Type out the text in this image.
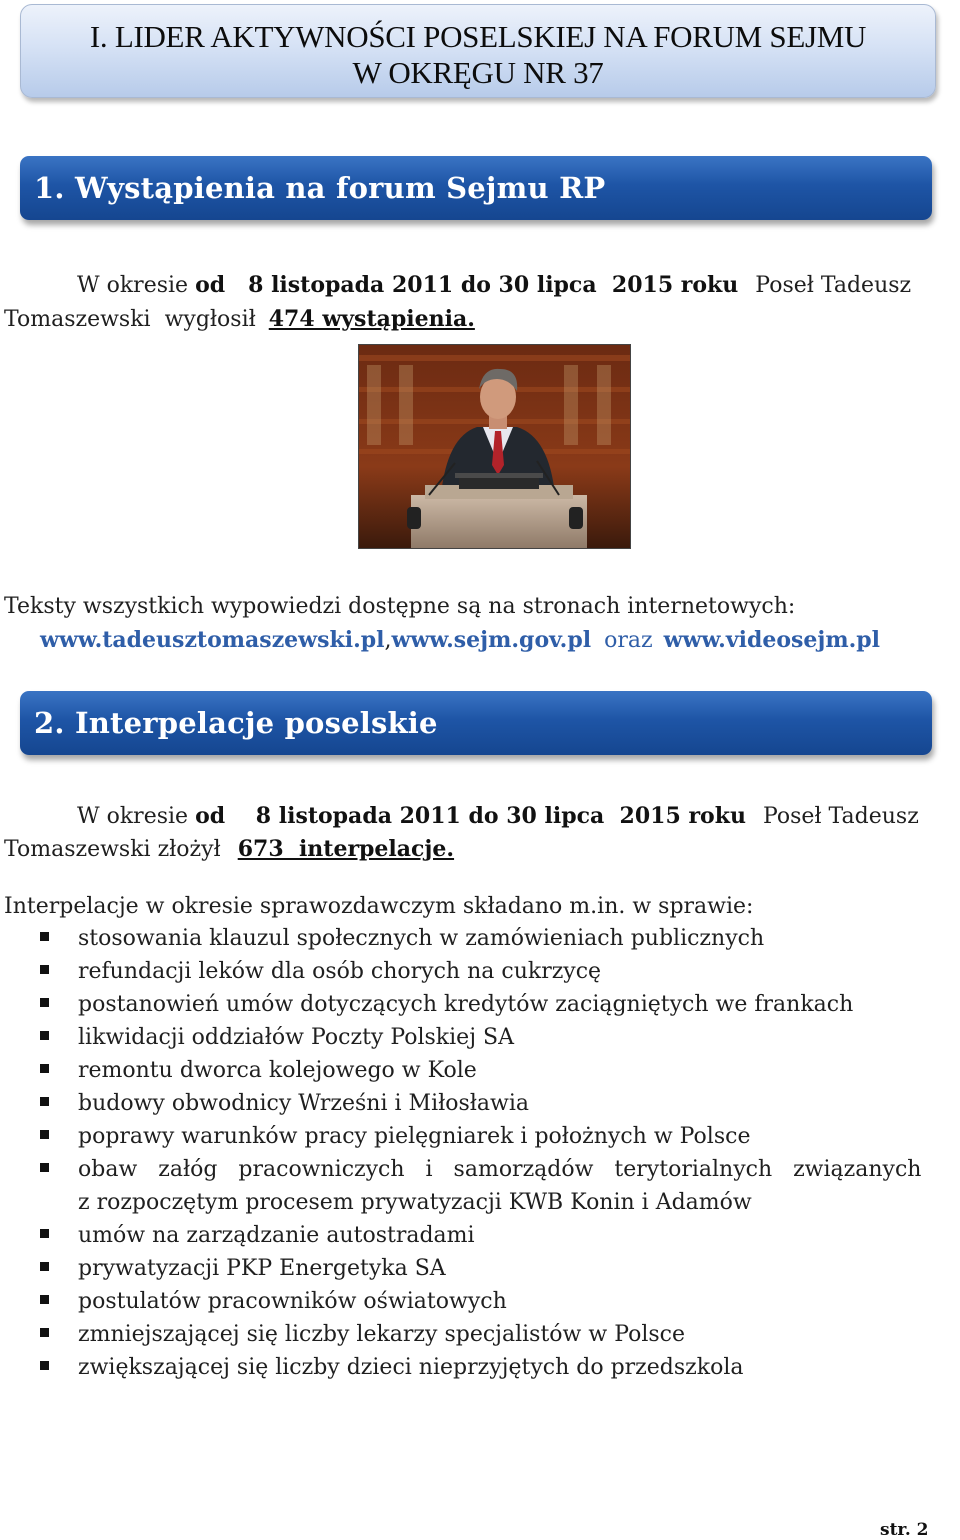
I. LIDER AKTYWNOŚCI POSELSKIEJ NA FORUM SEJMU
W OKRĘGU NR 37
1. Wystąpienia na forum Sejmu RP
W okresie od   8 listopada 2011 do 30 lipca  2015 roku Poseł Tadeusz
Tomaszewski  wygłosił 474 wystąpienia.
Teksty wszystkich wypowiedzi dostępne są na stronach internetowych:
www.tadeusztomaszewski.pl,www.sejm.gov.pl oraz www.videosejm.pl
2. Interpelacje poselskie
W okresie od    8 listopada 2011 do 30 lipca  2015 roku Poseł Tadeusz
Tomaszewski złożył 673  interpelacje.
Interpelacje w okresie sprawozdawczym składano m.in. w sprawie:
stosowania klauzul społecznych w zamówieniach publicznych
refundacji leków dla osób chorych na cukrzycę
postanowień umów dotyczących kredytów zaciągniętych we frankach
likwidacji oddziałów Poczty Polskiej SA
remontu dworca kolejowego w Kole
budowy obwodnicy Wrześni i Miłosławia
poprawy warunków pracy pielęgniarek i położnych w Polsce
obaw   załóg   pracowniczych   i   samorządów   terytorialnych   związanych
z rozpoczętym procesem prywatyzacji KWB Konin i Adamów
umów na zarządzanie autostradami
prywatyzacji PKP Energetyka SA
postulatów pracowników oświatowych
zmniejszającej się liczby lekarzy specjalistów w Polsce
zwiększającej się liczby dzieci nieprzyjętych do przedszkola
str. 2
